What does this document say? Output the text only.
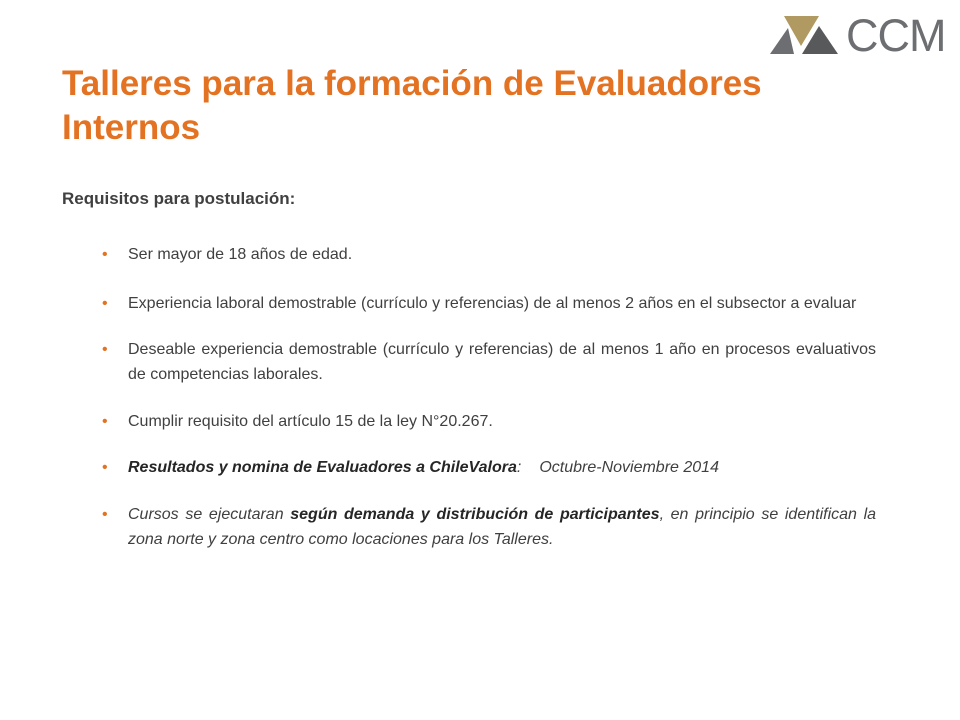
CCM
Talleres para la formación de Evaluadores Internos

Requisitos para postulación:

• Ser mayor de 18 años de edad.
• Experiencia laboral demostrable (currículo y referencias) de al menos 2 años en el subsector a evaluar
• Deseable experiencia demostrable (currículo y referencias) de al menos 1 año en procesos evaluativos de competencias laborales.
• Cumplir requisito del artículo 15 de la ley N°20.267.
• Resultados y nomina de Evaluadores a ChileValora: Octubre-Noviembre 2014
• Cursos se ejecutaran según demanda y distribución de participantes, en principio se identifican la zona norte y zona centro como locaciones para los Talleres.
